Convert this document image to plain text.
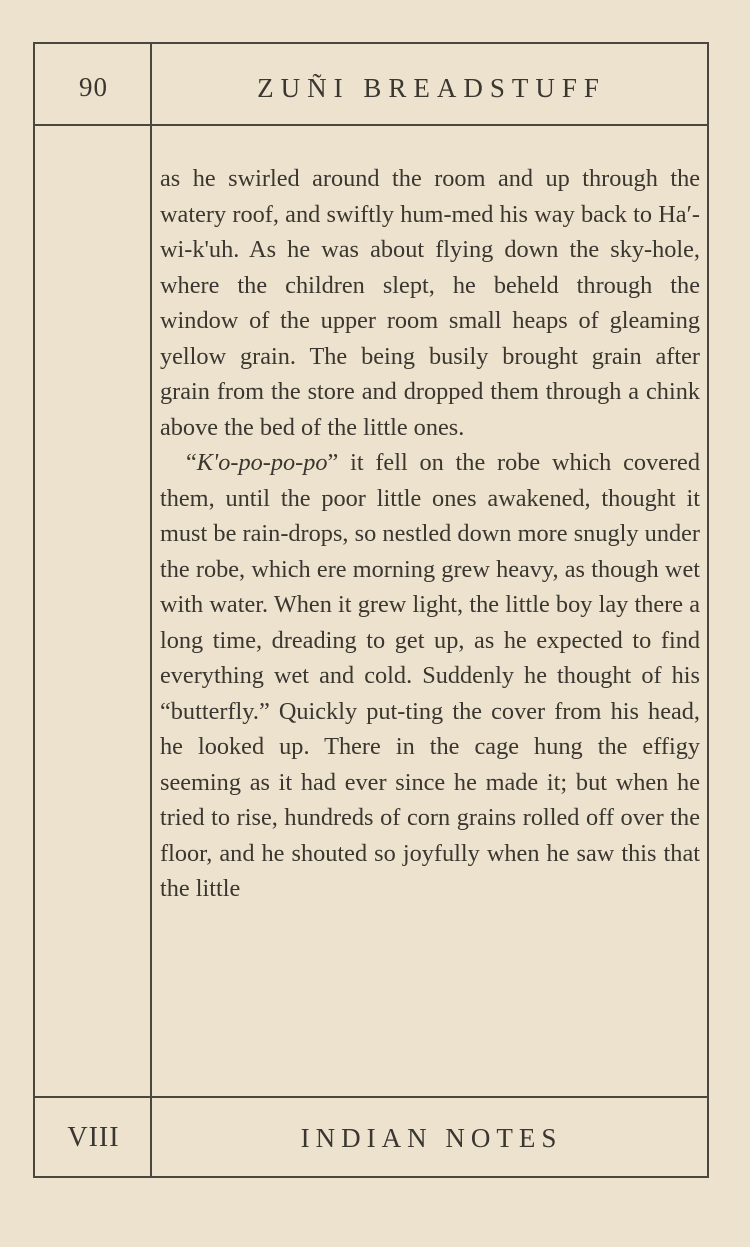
90	ZUÑI BREADSTUFF
VIII	INDIAN NOTES

as he swirled around the room and up through the watery roof, and swiftly hum-med his way back to Ha′-wi-k'uh. As he was about flying down the sky-hole, where the children slept, he beheld through the window of the upper room small heaps of gleaming yellow grain. The being busily brought grain after grain from the store and dropped them through a chink above the bed of the little ones.

“K'o-po-po-po” it fell on the robe which covered them, until the poor little ones awakened, thought it must be rain-drops, so nestled down more snugly under the robe, which ere morning grew heavy, as though wet with water. When it grew light, the little boy lay there a long time, dreading to get up, as he expected to find everything wet and cold. Suddenly he thought of his “butterfly.” Quickly put-ting the cover from his head, he looked up. There in the cage hung the effigy seeming as it had ever since he made it; but when he tried to rise, hundreds of corn grains rolled off over the floor, and he shouted so joyfully when he saw this that the little
